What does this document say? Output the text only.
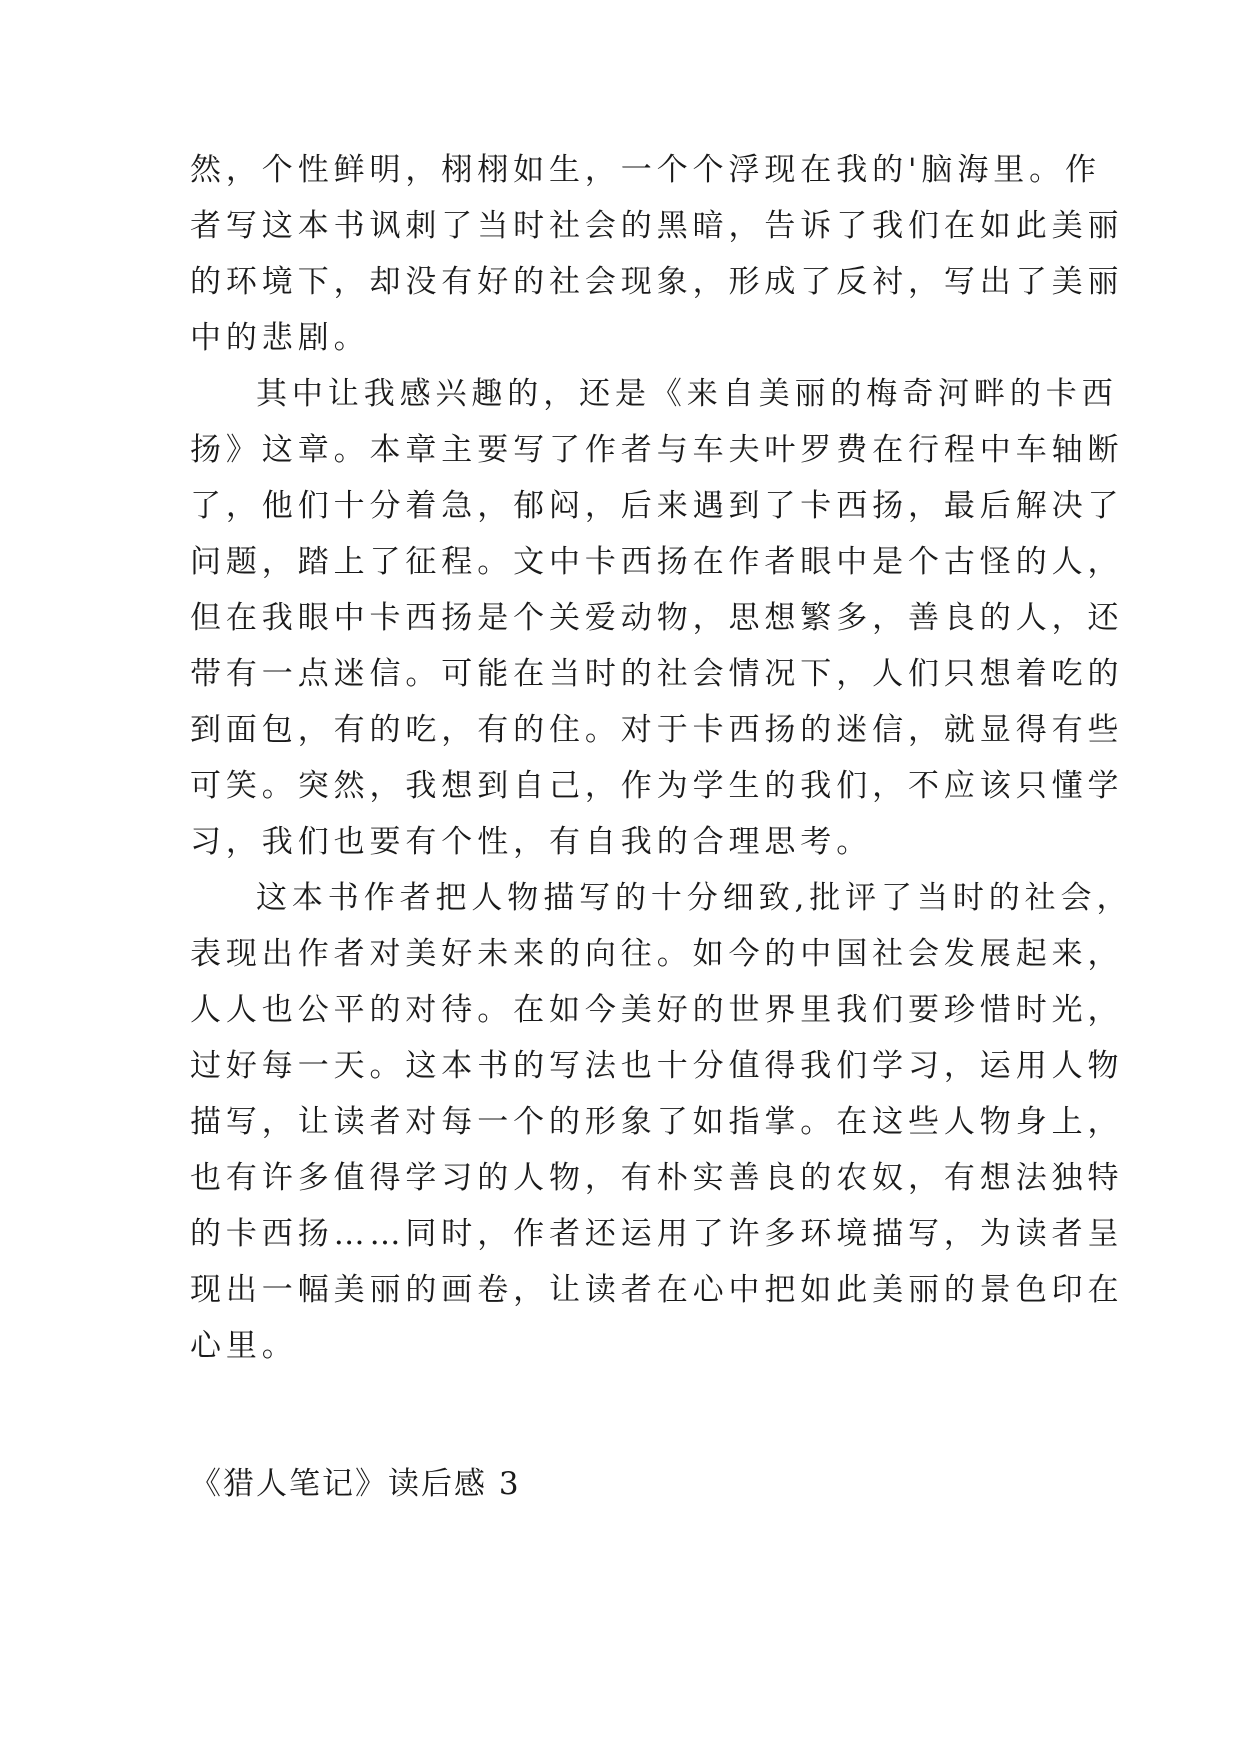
然，个性鲜明，栩栩如生，一个个浮现在我的'脑海里。作
者写这本书讽刺了当时社会的黑暗，告诉了我们在如此美丽
的环境下，却没有好的社会现象，形成了反衬，写出了美丽
中的悲剧。
其中让我感兴趣的，还是《来自美丽的梅奇河畔的卡西
扬》这章。本章主要写了作者与车夫叶罗费在行程中车轴断
了，他们十分着急，郁闷，后来遇到了卡西扬，最后解决了
问题，踏上了征程。文中卡西扬在作者眼中是个古怪的人，
但在我眼中卡西扬是个关爱动物，思想繁多，善良的人，还
带有一点迷信。可能在当时的社会情况下，人们只想着吃的
到面包，有的吃，有的住。对于卡西扬的迷信，就显得有些
可笑。突然，我想到自己，作为学生的我们，不应该只懂学
习，我们也要有个性，有自我的合理思考。
这本书作者把人物描写的十分细致,批评了当时的社会，
表现出作者对美好未来的向往。如今的中国社会发展起来，
人人也公平的对待。在如今美好的世界里我们要珍惜时光，
过好每一天。这本书的写法也十分值得我们学习，运用人物
描写，让读者对每一个的形象了如指掌。在这些人物身上，
也有许多值得学习的人物，有朴实善良的农奴，有想法独特
的卡西扬……同时，作者还运用了许多环境描写，为读者呈
现出一幅美丽的画卷，让读者在心中把如此美丽的景色印在
心里。
《猎人笔记》读后感 3
